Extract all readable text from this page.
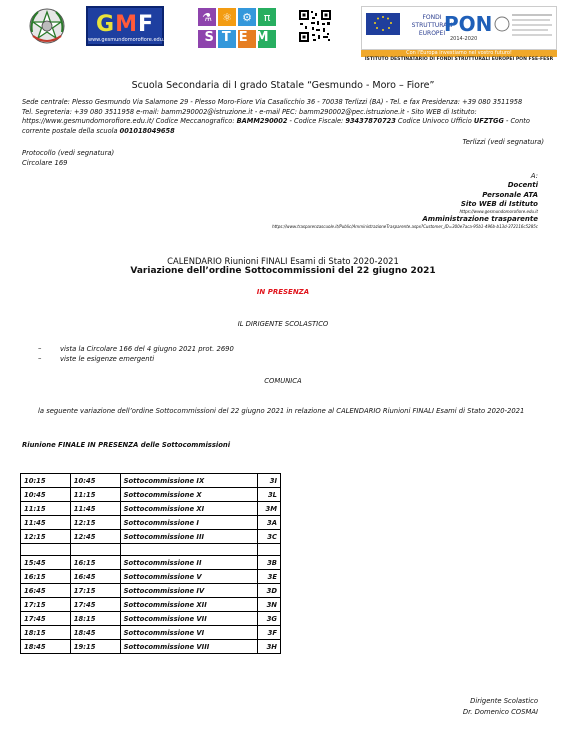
GMF
www.gesmundomorofiore.edu.it
⚗ ⚛ ⚙ π
STEM
FONDI
STRUTTURALI
EUROPEI
PON
2014-2020
Con l'Europa investiamo nel vostro futuro!
ISTITUTO DESTINATARIO DI FONDI STRUTTURALI EUROPEI PON FSE-FESR
Scuola Secondaria di I grado Statale “Gesmundo - Moro – Fiore”
Sede centrale: Plesso Gesmundo Via Salamone 29 - Plesso Moro-Fiore Via Casalicchio 36 - 70038 Terlizzi (BA) - Tel. e fax Presidenza: +39 080 3511958
Tel. Segreteria: +39 080 3511958 e-mail: bamm290002@istruzione.it - e-mail PEC: bamm290002@pec.istruzione.it - Sito WEB di Istituto:
https://www.gesmundomorofiore.edu.it/ Codice Meccanografico: BAMM290002 - Codice Fiscale: 93437870723 Codice Univoco Ufficio UFZTGG - Conto
corrente postale della scuola 001018049658
Terlizzi (vedi segnatura)
Protocollo (vedi segnatura)
Circolare 169
A:
Docenti
Personale ATA
Sito WEB di Istituto
https://www.gesmundomorofiore.edu.it
Amministrazione trasparente
https://www.trasparenzascuole.it/Public/AmministrazioneTrasparente.aspx?Customer_ID=300e7aca-95b1-496b-b13d-372116c5285c
CALENDARIO Riunioni FINALI Esami di Stato 2020-2021
Variazione dell’ordine Sottocommissioni del 22 giugno 2021
IN PRESENZA
IL DIRIGENTE SCOLASTICO
–	vista la Circolare 166 del 4 giugno 2021 prot. 2690
–	viste le esigenze emergenti
COMUNICA
la seguente variazione dell’ordine Sottocommissioni del 22 giugno 2021 in relazione al CALENDARIO Riunioni FINALI Esami di Stato 2020-2021
Riunione FINALE IN PRESENZA delle Sottocommissioni
10:15	10:45	Sottocommissione IX	3I
10:45	11:15	Sottocommissione X	3L
11:15	11:45	Sottocommissione XI	3M
11:45	12:15	Sottocommissione I	3A
12:15	12:45	Sottocommissione III	3C

15:45	16:15	Sottocommissione II	3B
16:15	16:45	Sottocommissione V	3E
16:45	17:15	Sottocommissione IV	3D
17:15	17:45	Sottocommissione XII	3N
17:45	18:15	Sottocommissione VII	3G
18:15	18:45	Sottocommissione VI	3F
18:45	19:15	Sottocommissione VIII	3H
Dirigente Scolastico
Dr. Domenico COSMAI
